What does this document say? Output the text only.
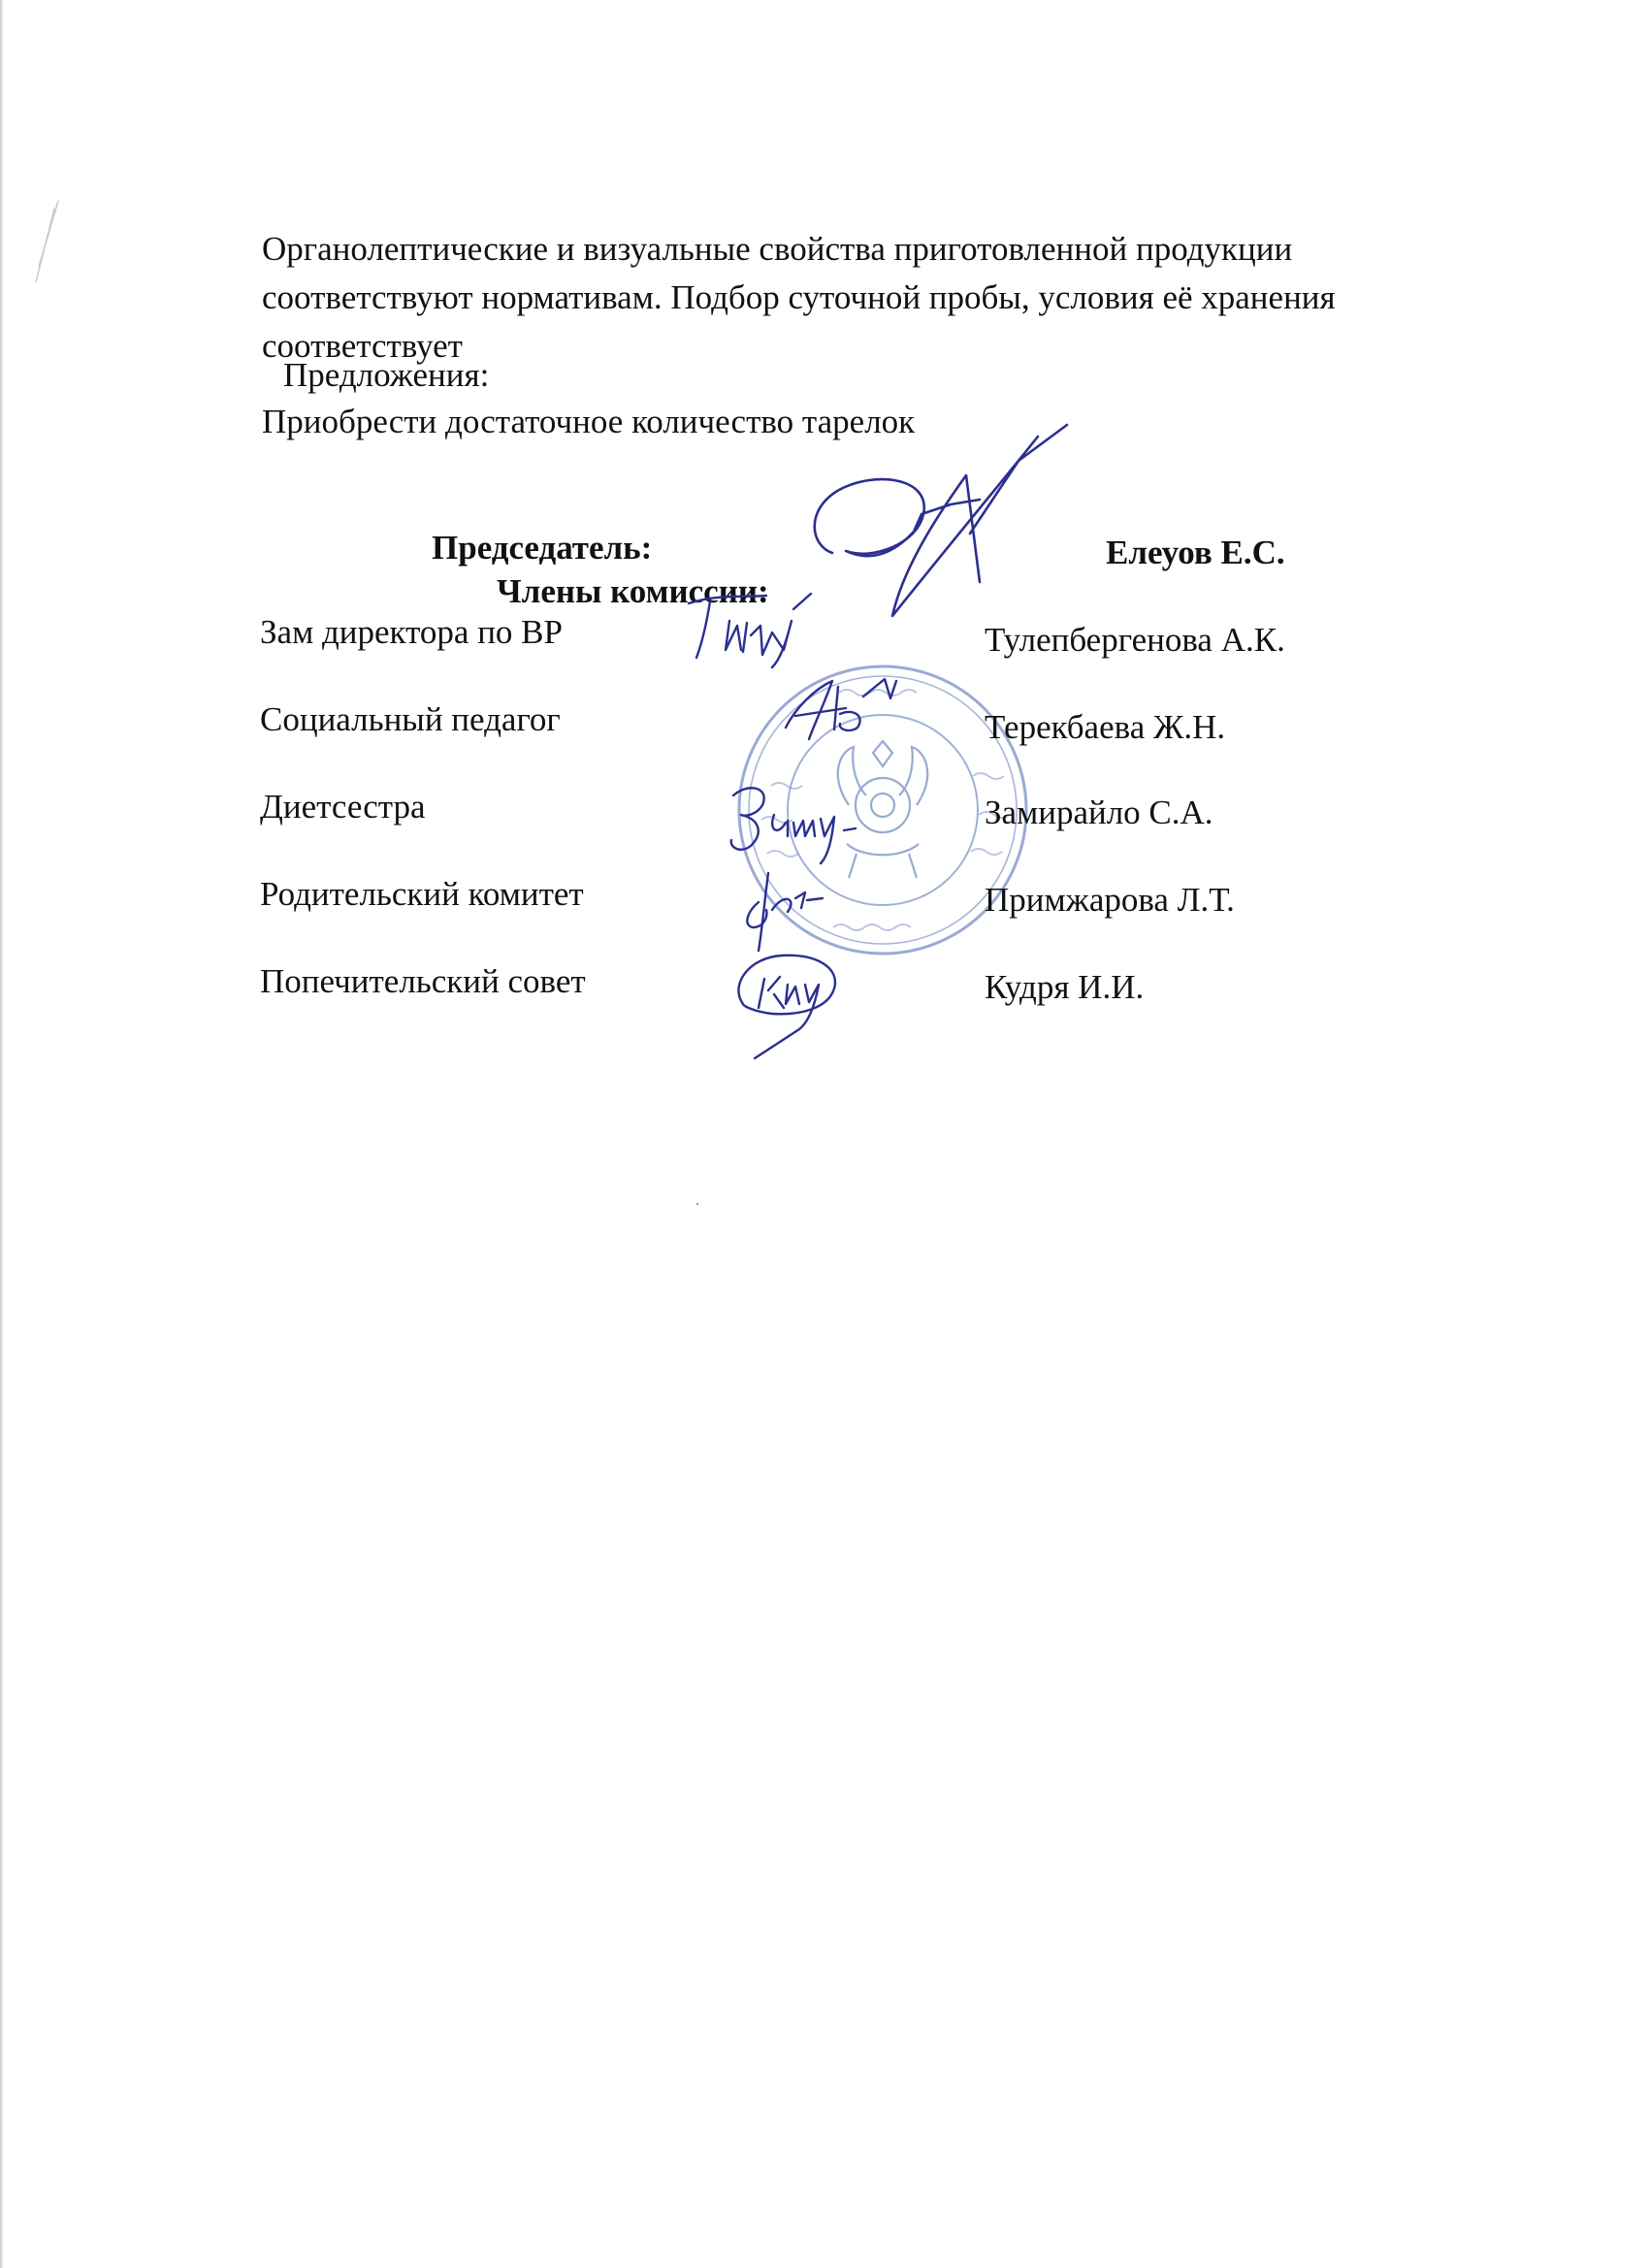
Органолептические и визуальные свойства приготовленной продукции соответствуют нормативам. Подбор суточной пробы, условия её хранения соответствует
Предложения:
Приобрести достаточное количество тарелок
Председатель:	Елеуов Е.С.
Члены комиссии:
Зам директора по ВР	Тулепбергенова А.К.
Социальный педагог	Терекбаева Ж.Н.
Диетсестра	Замирайло С.А.
Родительский комитет	Примжарова Л.Т.
Попечительский совет	Кудря И.И.
